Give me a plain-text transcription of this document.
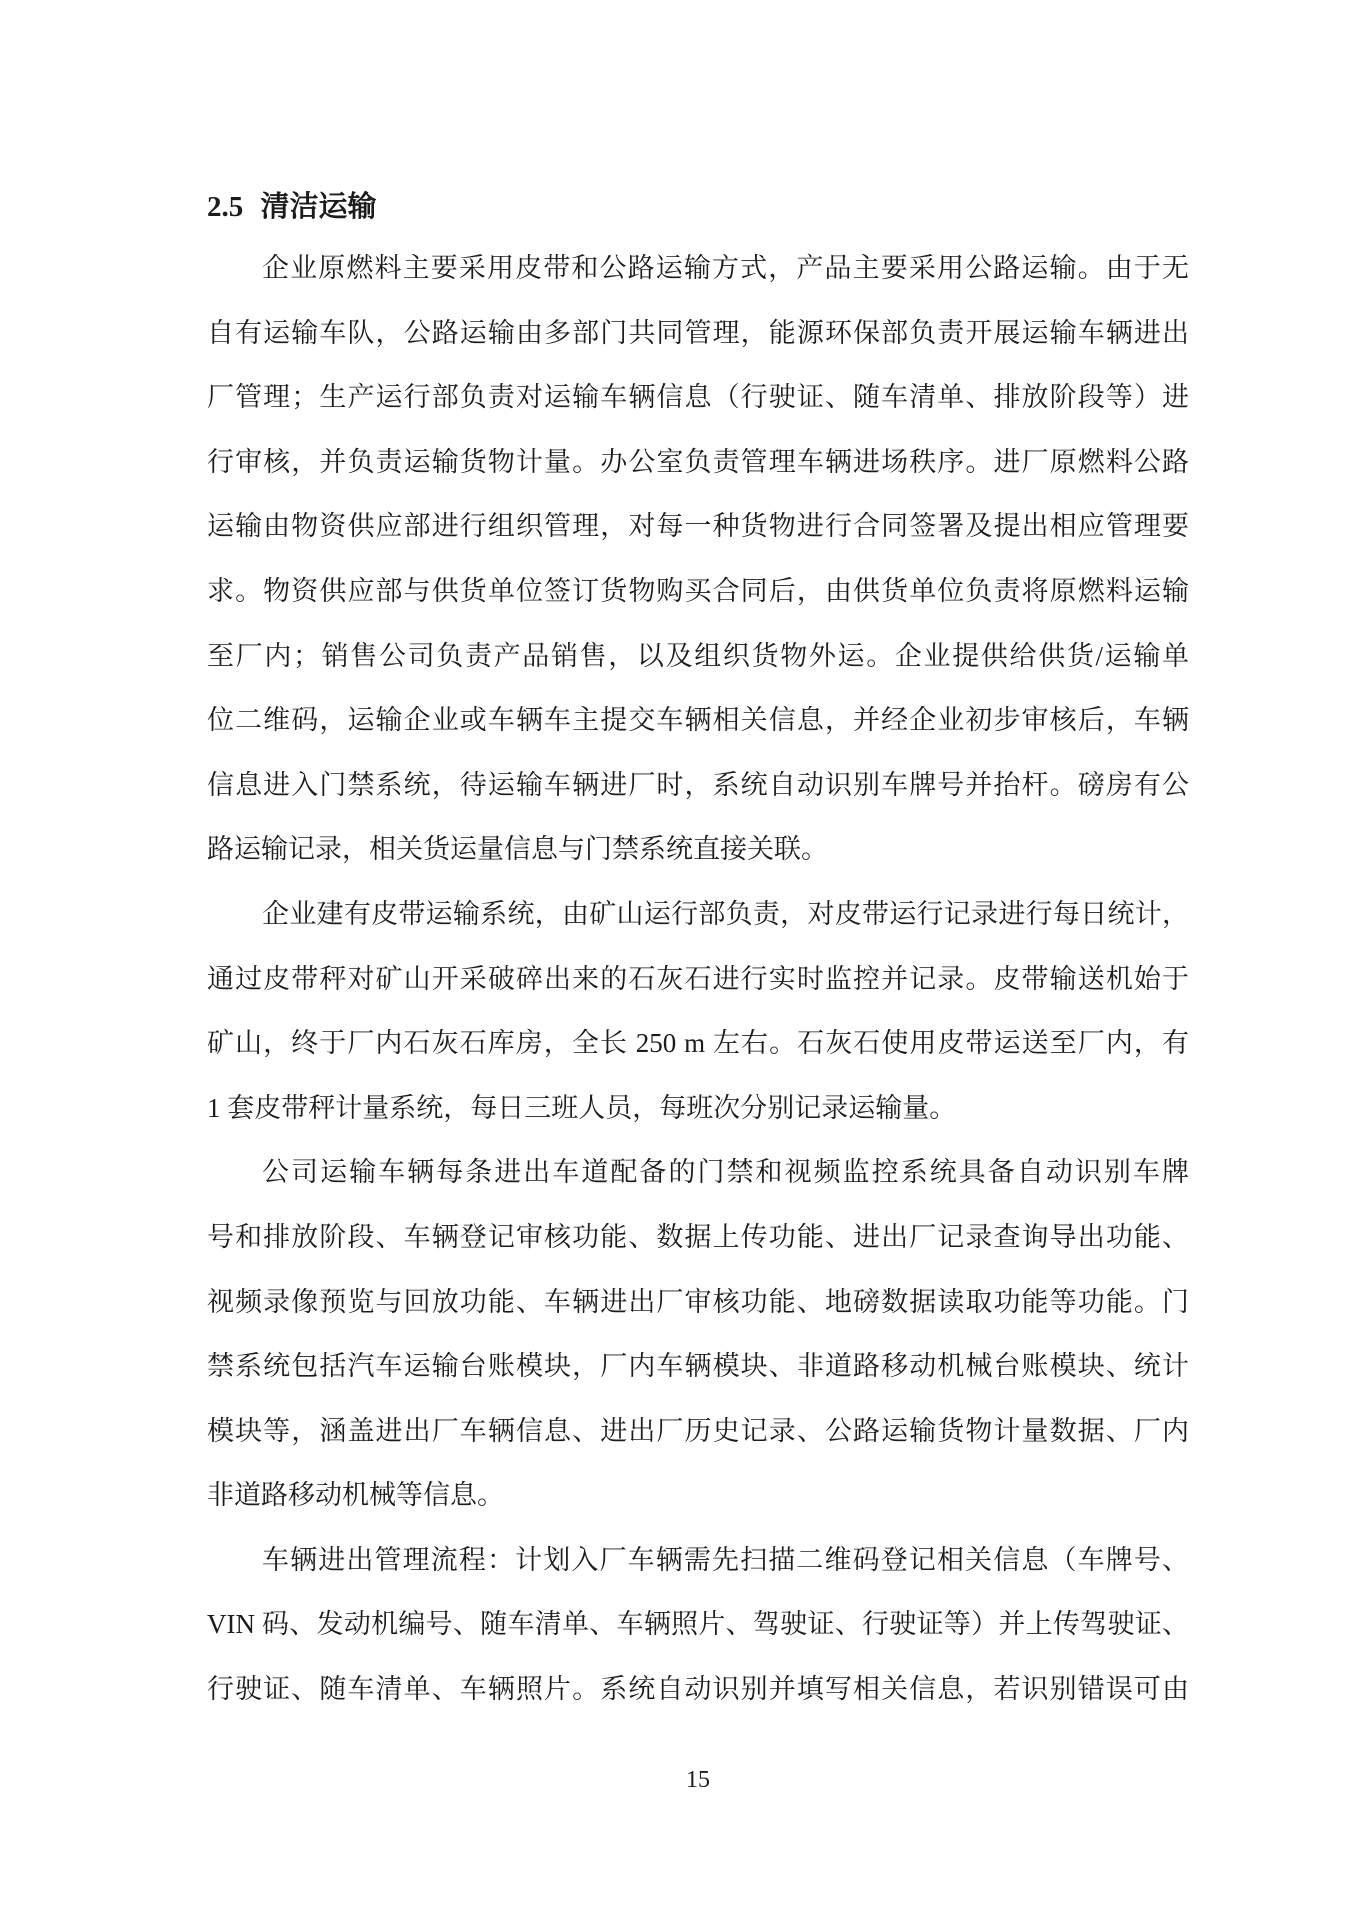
2.5 清洁运输
企业原燃料主要采用皮带和公路运输方式，产品主要采用公路运输。由于无
自有运输车队，公路运输由多部门共同管理，能源环保部负责开展运输车辆进出
厂管理；生产运行部负责对运输车辆信息（行驶证、随车清单、排放阶段等）进
行审核，并负责运输货物计量。办公室负责管理车辆进场秩序。进厂原燃料公路
运输由物资供应部进行组织管理，对每一种货物进行合同签署及提出相应管理要
求。物资供应部与供货单位签订货物购买合同后，由供货单位负责将原燃料运输
至厂内；销售公司负责产品销售，以及组织货物外运。企业提供给供货/运输单
位二维码，运输企业或车辆车主提交车辆相关信息，并经企业初步审核后，车辆
信息进入门禁系统，待运输车辆进厂时，系统自动识别车牌号并抬杆。磅房有公
路运输记录，相关货运量信息与门禁系统直接关联。
企业建有皮带运输系统，由矿山运行部负责，对皮带运行记录进行每日统计，
通过皮带秤对矿山开采破碎出来的石灰石进行实时监控并记录。皮带输送机始于
矿山，终于厂内石灰石库房，全长 250 m 左右。石灰石使用皮带运送至厂内，有
1 套皮带秤计量系统，每日三班人员，每班次分别记录运输量。
公司运输车辆每条进出车道配备的门禁和视频监控系统具备自动识别车牌
号和排放阶段、车辆登记审核功能、数据上传功能、进出厂记录查询导出功能、
视频录像预览与回放功能、车辆进出厂审核功能、地磅数据读取功能等功能。门
禁系统包括汽车运输台账模块，厂内车辆模块、非道路移动机械台账模块、统计
模块等，涵盖进出厂车辆信息、进出厂历史记录、公路运输货物计量数据、厂内
非道路移动机械等信息。
车辆进出管理流程：计划入厂车辆需先扫描二维码登记相关信息（车牌号、
VIN 码、发动机编号、随车清单、车辆照片、驾驶证、行驶证等）并上传驾驶证、
行驶证、随车清单、车辆照片。系统自动识别并填写相关信息，若识别错误可由
15
